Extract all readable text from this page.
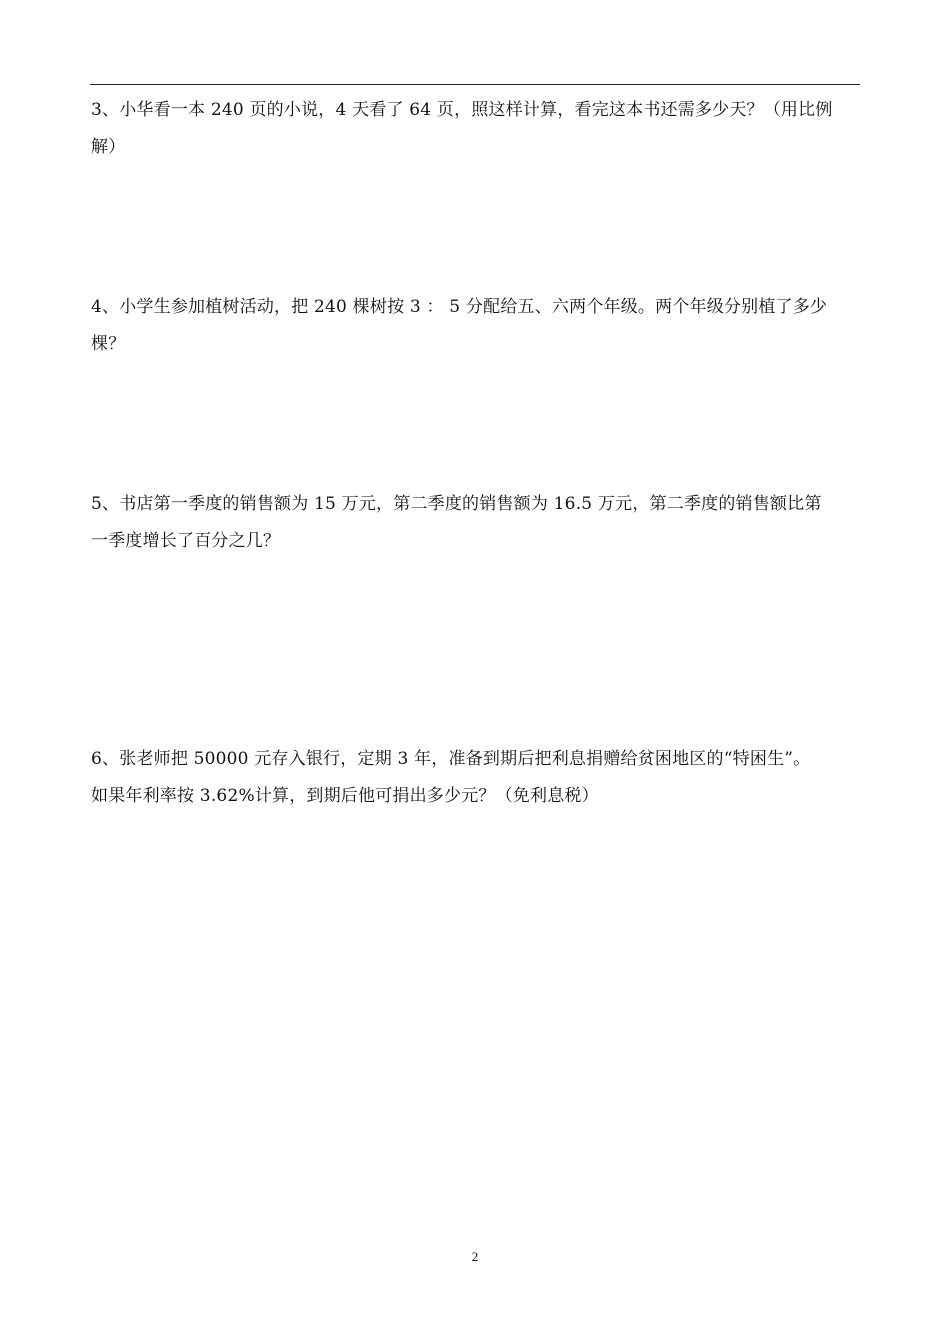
3、小华看一本 240 页的小说，4 天看了 64 页，照这样计算，看完这本书还需多少天？（用比例
解）
4、小学生参加植树活动，把 240 棵树按 3 ： 5 分配给五、六两个年级。两个年级分别植了多少
棵？
5、书店第一季度的销售额为 15 万元，第二季度的销售额为 16.5 万元，第二季度的销售额比第
一季度增长了百分之几？
6、张老师把 50000 元存入银行，定期 3 年，准备到期后把利息捐赠给贫困地区的“特困生”。
如果年利率按 3.62%计算，到期后他可捐出多少元？（免利息税）
2
